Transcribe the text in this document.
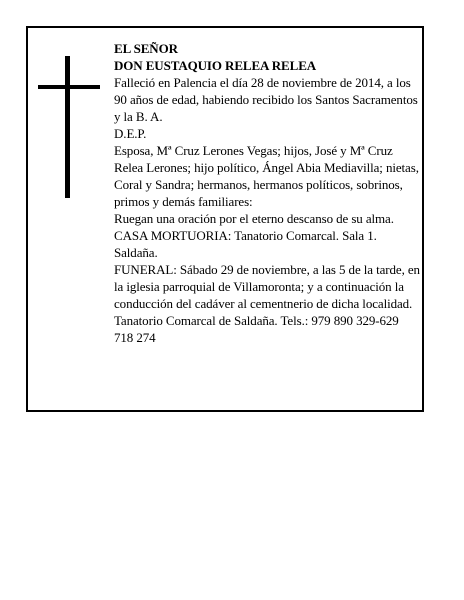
EL SEÑOR

DON EUSTAQUIO RELEA RELEA

Falleció en Palencia el día 28 de noviembre de 2014, a los 90 años de edad, habiendo recibido los Santos Sacramentos y la B. A.

D.E.P.

Esposa, Mª Cruz Lerones Vegas; hijos, José y Mª Cruz Relea Lerones; hijo político, Ángel Abia Mediavilla; nietas, Coral y Sandra; hermanos, hermanos políticos, sobrinos, primos y demás familiares:

Ruegan una oración por el eterno descanso de su alma.

CASA MORTUORIA: Tanatorio Comarcal. Sala 1. Saldaña.

FUNERAL: Sábado 29 de noviembre, a las 5 de la tarde, en la iglesia parroquial de Villamoronta; y a continuación la conducción del cadáver al cementnerio de dicha localidad.

Tanatorio Comarcal de Saldaña. Tels.: 979 890 329-629 718 274
